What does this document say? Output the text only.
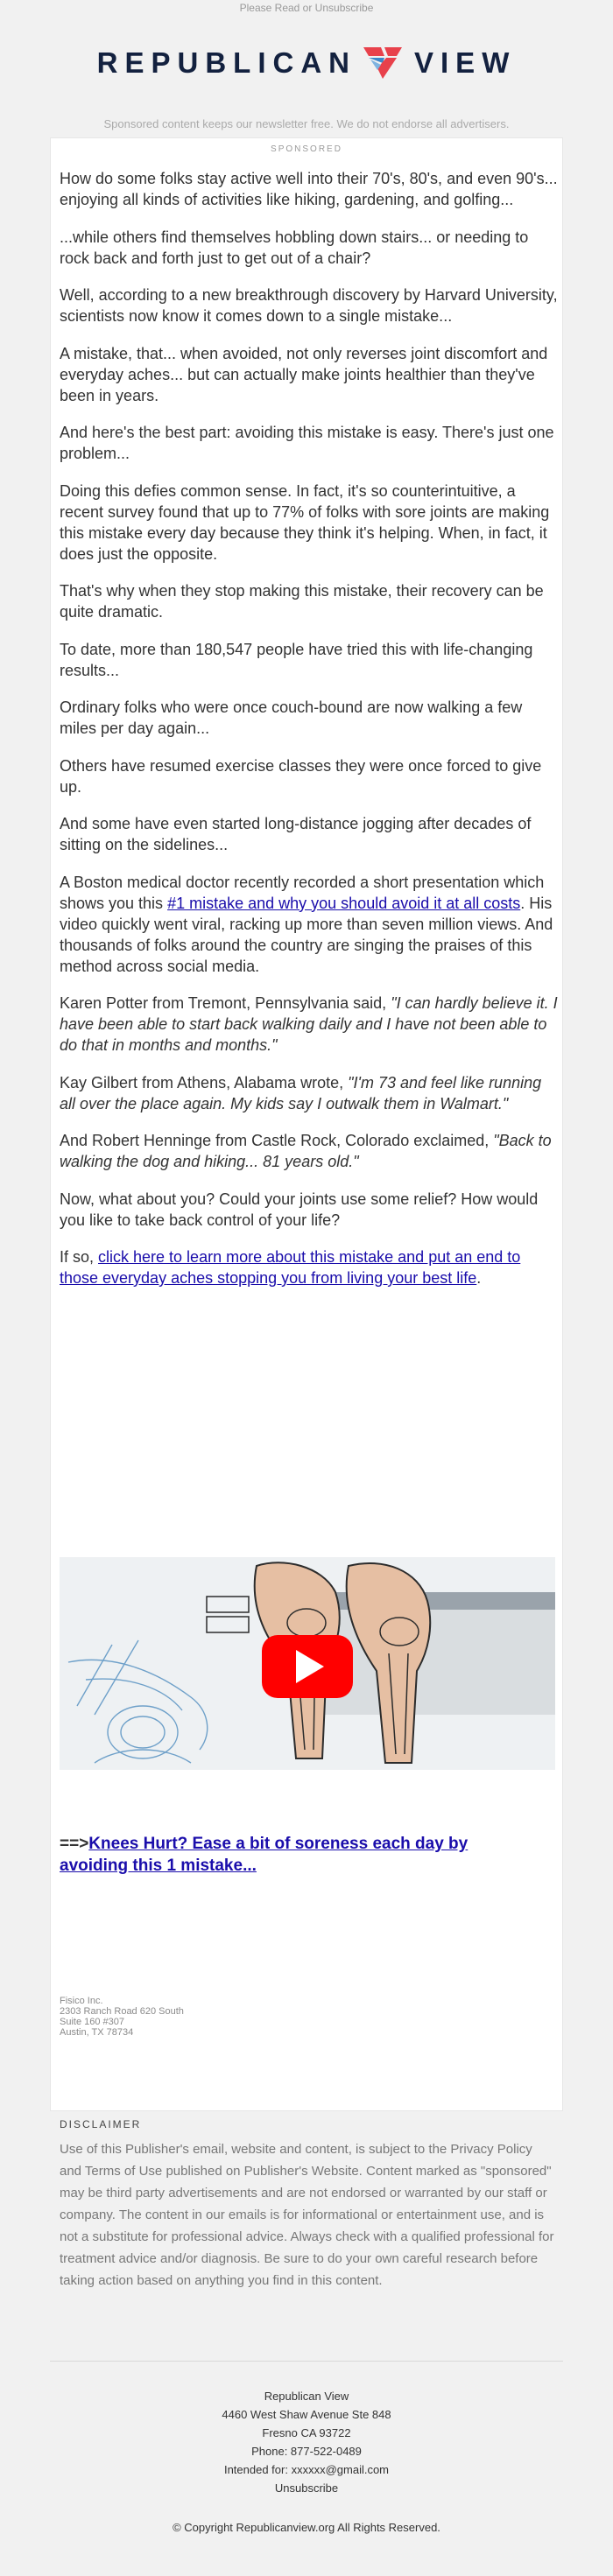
Please Read or Unsubscribe
REPUBLICAN VIEW
Sponsored content keeps our newsletter free. We do not endorse all advertisers.
SPONSORED

How do some folks stay active well into their 70's, 80's, and even 90's... enjoying all kinds of activities like hiking, gardening, and golfing...

...while others find themselves hobbling down stairs... or needing to rock back and forth just to get out of a chair?

Well, according to a new breakthrough discovery by Harvard University, scientists now know it comes down to a single mistake...

A mistake, that... when avoided, not only reverses joint discomfort and everyday aches... but can actually make joints healthier than they've been in years.

And here's the best part: avoiding this mistake is easy. There's just one problem...

Doing this defies common sense. In fact, it's so counterintuitive, a recent survey found that up to 77% of folks with sore joints are making this mistake every day because they think it's helping. When, in fact, it does just the opposite.

That's why when they stop making this mistake, their recovery can be quite dramatic.

To date, more than 180,547 people have tried this with life-changing results...

Ordinary folks who were once couch-bound are now walking a few miles per day again...

Others have resumed exercise classes they were once forced to give up.

And some have even started long-distance jogging after decades of sitting on the sidelines...

A Boston medical doctor recently recorded a short presentation which shows you this #1 mistake and why you should avoid it at all costs. His video quickly went viral, racking up more than seven million views. And thousands of folks around the country are singing the praises of this method across social media.

Karen Potter from Tremont, Pennsylvania said, "I can hardly believe it. I have been able to start back walking daily and I have not been able to do that in months and months."

Kay Gilbert from Athens, Alabama wrote, "I'm 73 and feel like running all over the place again. My kids say I outwalk them in Walmart."

And Robert Henninge from Castle Rock, Colorado exclaimed, "Back to walking the dog and hiking... 81 years old."

Now, what about you? Could your joints use some relief? How would you like to take back control of your life?

If so, click here to learn more about this mistake and put an end to those everyday aches stopping you from living your best life.

==>Knees Hurt? Ease a bit of soreness each day by avoiding this 1 mistake...
Fisico Inc.
2303 Ranch Road 620 South
Suite 160 #307
Austin, TX 78734
DISCLAIMER
Use of this Publisher's email, website and content, is subject to the Privacy Policy and Terms of Use published on Publisher's Website. Content marked as "sponsored" may be third party advertisements and are not endorsed or warranted by our staff or company. The content in our emails is for informational or entertainment use, and is not a substitute for professional advice. Always check with a qualified professional for treatment advice and/or diagnosis. Be sure to do your own careful research before taking action based on anything you find in this content.
Republican View
4460 West Shaw Avenue Ste 848
Fresno CA 93722
Phone: 877-522-0489
Intended for: xxxxxx@gmail.com
Unsubscribe
© Copyright Republicanview.org All Rights Reserved.
